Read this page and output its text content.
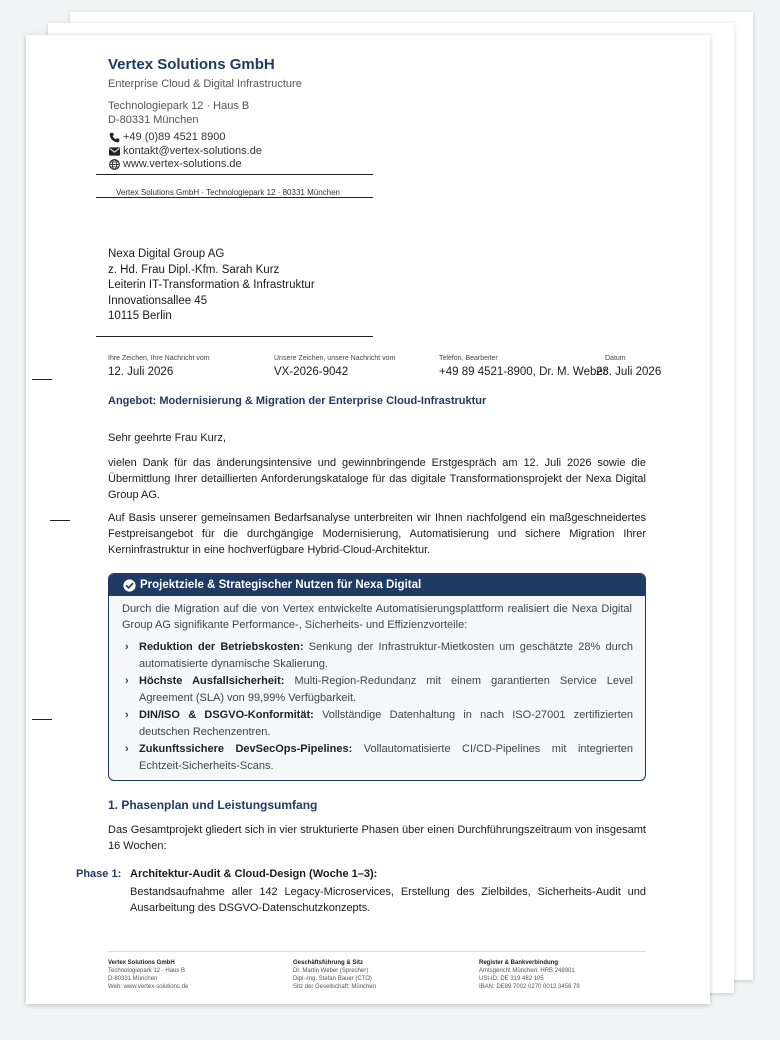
Vertex Solutions GmbH
Enterprise Cloud & Digital Infrastructure
Technologiepark 12 · Haus B
D-80331 München
+49 (0)89 4521 8900
kontakt@vertex-solutions.de
www.vertex-solutions.de
Vertex Solutions GmbH · Technologiepark 12 · 80331 München
Nexa Digital Group AG
z. Hd. Frau Dipl.-Kfm. Sarah Kurz
Leiterin IT-Transformation & Infrastruktur
Innovationsallee 45
10115 Berlin
Ihre Zeichen, Ihre Nachricht vom
12. Juli 2026
Unsere Zeichen, unsere Nachricht vom
VX-2026-9042
Telefon, Bearbeiter
+49 89 4521-8900, Dr. M. Weber
Datum
23. Juli 2026
Angebot: Modernisierung & Migration der Enterprise Cloud-Infrastruktur
Sehr geehrte Frau Kurz,
vielen Dank für das änderungsintensive und gewinnbringende Erstgespräch am 12. Juli 2026 sowie die Übermittlung Ihrer detaillierten Anforderungskataloge für das digitale Transformationsprojekt der Nexa Digital Group AG.
Auf Basis unserer gemeinsamen Bedarfsanalyse unterbreiten wir Ihnen nachfolgend ein maßgeschneidertes Festpreisangebot für die durchgängige Modernisierung, Automatisierung und sichere Migration Ihrer Kerninfrastruktur in eine hochverfügbare Hybrid-Cloud-Architektur.
Projektziele & Strategischer Nutzen für Nexa Digital
Durch die Migration auf die von Vertex entwickelte Automatisierungsplattform realisiert die Nexa Digital Group AG signifikante Performance-, Sicherheits- und Effizienzvorteile:
› Reduktion der Betriebskosten: Senkung der Infrastruktur-Mietkosten um geschätzte 28% durch automatisierte dynamische Skalierung.
› Höchste Ausfallsicherheit: Multi-Region-Redundanz mit einem garantierten Service Level Agreement (SLA) von 99,99% Verfügbarkeit.
› DIN/ISO & DSGVO-Konformität: Vollständige Datenhaltung in nach ISO-27001 zertifizierten deutschen Rechenzentren.
› Zukunftssichere DevSecOps-Pipelines: Vollautomatisierte CI/CD-Pipelines mit integrierten Echtzeit-Sicherheits-Scans.
1. Phasenplan und Leistungsumfang
Das Gesamtprojekt gliedert sich in vier strukturierte Phasen über einen Durchführungszeitraum von insgesamt 16 Wochen:
Phase 1: Architektur-Audit & Cloud-Design (Woche 1–3):
Bestandsaufnahme aller 142 Legacy-Microservices, Erstellung des Zielbildes, Sicherheits-Audit und Ausarbeitung des DSGVO-Datenschutzkonzepts.
Vertex Solutions GmbH
Technologiepark 12 · Haus B
D-80331 München
Web: www.vertex-solutions.de
Geschäftsführung & Sitz
Dr. Martin Weber (Sprecher)
Dipl.-Ing. Stefan Bauer (CTO)
Sitz der Gesellschaft: München
Register & Bankverbindung
Amtsgericht München: HRB 248901
USt-ID: DE 319 482 105
IBAN: DE89 7002 0270 0012 3456 78
